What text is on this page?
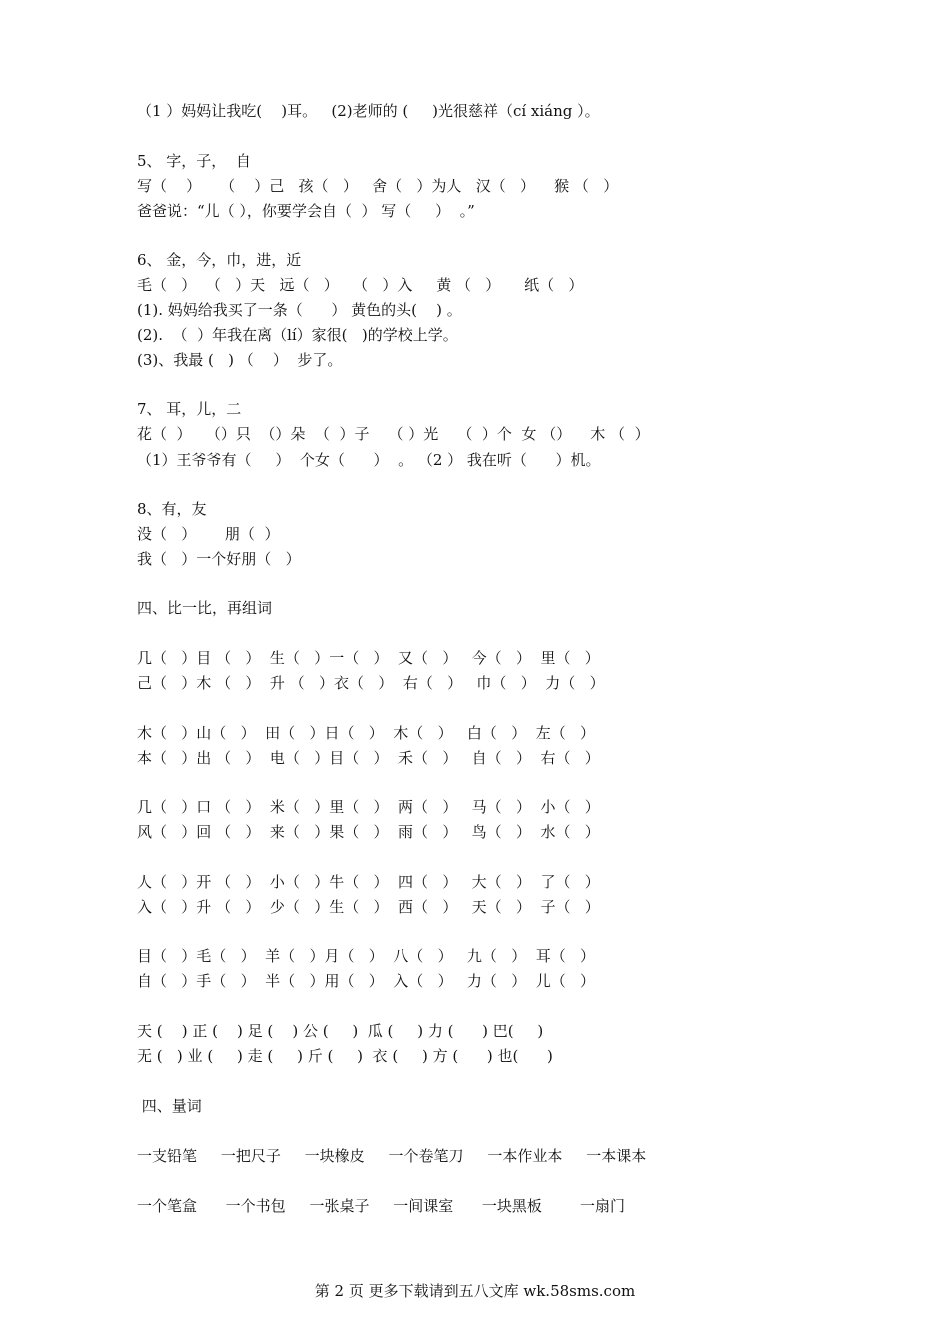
（1 ）妈妈让我吃(    )耳。   (2)老师的 (     )光很慈祥（cí xiáng ）。
5、 字，子，  自
写（    ）    （    ）己   孩（   ）   舍（   ）为人   汉（   ）    猴 （   ）
爸爸说：“儿（ ），你要学会自（  ） 写（     ）  。”
6、 金，今，巾，进，近
毛（   ）  （   ）天   远（   ）   （   ）入     黄 （   ）     纸（   ）
(1). 妈妈给我买了一条（      ） 黄色的头(    ) 。
(2).  （  ）年我在离（lí）家很(   )的学校上学。
(3)、我最 (   ) （    ）  步了。
7、 耳，儿，二
花（  ）   （）只  （）朵  （  ）子    （ ）光    （  ）个  女 （）    木 （  ）
（1）王爷爷有（     ）  个女（      ）  。 （2 ） 我在听（      ）机。
8、有，友
没（   ）      朋（  ）
我（   ）一个好朋（   ）
四、比一比，再组词
几（   ）目 （   ）  生（   ）一（   ）  又（   ）   今（   ）  里（   ）
己（   ）木 （   ）  升 （   ）衣（   ）  右（   ）   巾（   ）  力（   ）
木（   ）山（   ）  田（   ）日（   ）  木（   ）   白（   ）  左（   ）
本（   ）出 （   ）  电（   ）目（   ）  禾（   ）   自（   ）  右（   ）
几（   ）口 （   ）  米（   ）里（   ）  两（   ）   马（   ）  小（   ）
风（   ）回 （   ）  来（   ）果（   ）  雨（   ）   鸟（   ）  水（   ）
人（   ）开 （   ）  小（   ）牛（   ）  四（   ）   大（   ）  了（   ）
入（   ）升 （   ）  少（   ）生（   ）  西（   ）   天（   ）  子（   ）
目（   ）毛（   ）  羊（   ）月（   ）  八（   ）   九（   ）  耳（   ）
自（   ）手（   ）  半（   ）用（   ）  入（   ）   力（   ）  儿（   ）
天 (    ) 正 (    ) 足 (    ) 公 (     )  瓜 (     ) 力 (      ) 巴(     )
无 (   ) 业 (     ) 走 (     ) 斤 (     )  衣 (     ) 方 (      ) 也(      )
四、量词
一支铅笔     一把尺子     一块橡皮     一个卷笔刀     一本作业本     一本课本
一个笔盒      一个书包     一张桌子     一间课室      一块黑板        一扇门
第 2 页 更多下载请到五八文库 wk.58sms.com
